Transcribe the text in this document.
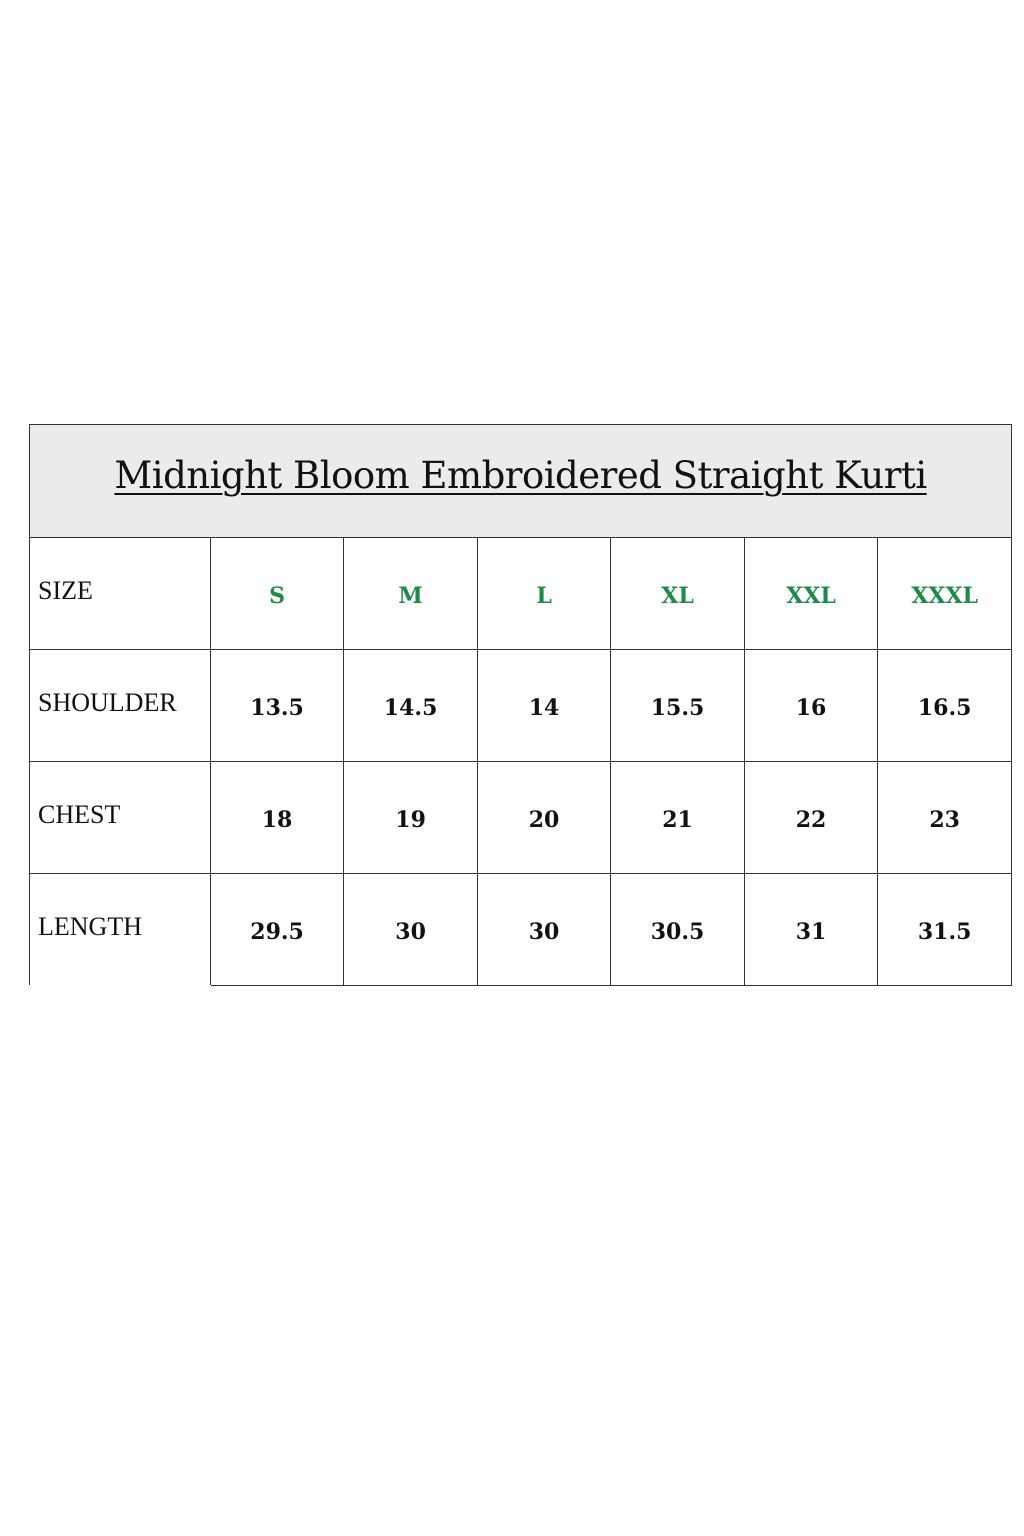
Midnight Bloom Embroidered Straight Kurti
SIZE	S	M	L	XL	XXL	XXXL
SHOULDER	13.5	14.5	14	15.5	16	16.5
CHEST	18	19	20	21	22	23
LENGTH	29.5	30	30	30.5	31	31.5
